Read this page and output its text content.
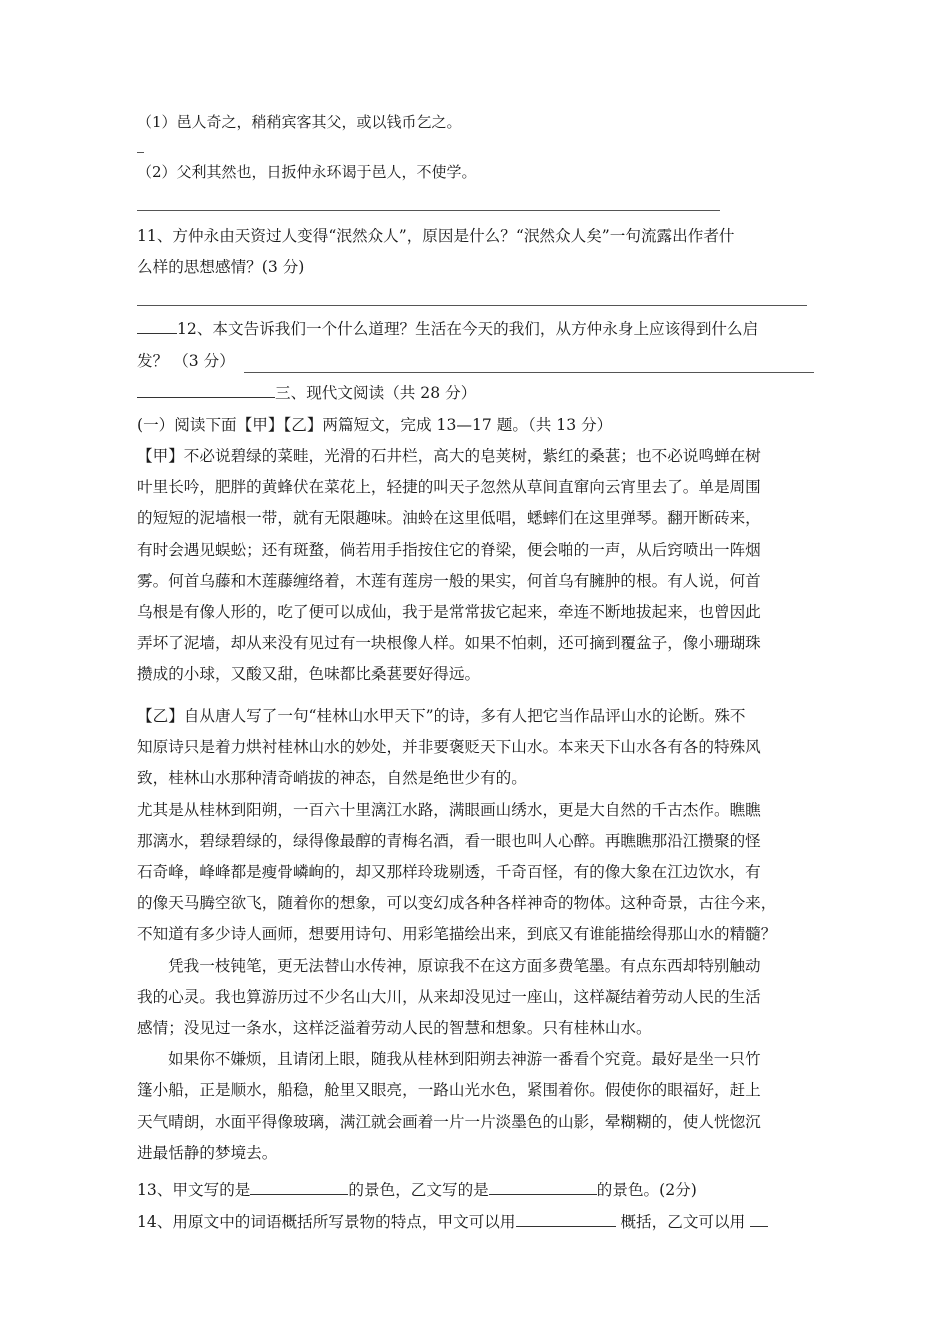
（1）邑人奇之，稍稍宾客其父，或以钱币乞之。
（2）父利其然也，日扳仲永环谒于邑人，不使学。
11、方仲永由天资过人变得“泯然众人”，原因是什么？“泯然众人矣”一句流露出作者什
么样的思想感情？(3 分)
12、本文告诉我们一个什么道理？生活在今天的我们，从方仲永身上应该得到什么启
发？ （3 分）
三、现代文阅读（共 28 分）
(一）阅读下面【甲】【乙】两篇短文，完成 13—17 题。（共 13 分）

【甲】不必说碧绿的菜畦，光滑的石井栏，高大的皂荚树，紫红的桑葚；也不必说鸣蝉在树

叶里长吟，肥胖的黄蜂伏在菜花上，轻捷的叫天子忽然从草间直窜向云宵里去了。单是周围

的短短的泥墙根一带，就有无限趣味。油蛉在这里低唱，蟋蟀们在这里弹琴。翻开断砖来，

有时会遇见蜈蚣；还有斑蝥，倘若用手指按住它的脊梁，便会啪的一声，从后窍喷出一阵烟

雾。何首乌藤和木莲藤缠络着，木莲有莲房一般的果实，何首乌有臃肿的根。有人说，何首

乌根是有像人形的，吃了便可以成仙，我于是常常拔它起来，牵连不断地拔起来，也曾因此

弄坏了泥墙，却从来没有见过有一块根像人样。如果不怕刺，还可摘到覆盆子，像小珊瑚珠

攒成的小球，又酸又甜，色味都比桑葚要好得远。

【乙】自从唐人写了一句“桂林山水甲天下”的诗，多有人把它当作品评山水的论断。殊不

知原诗只是着力烘衬桂林山水的妙处，并非要褒贬天下山水。本来天下山水各有各的特殊风

致，桂林山水那种清奇峭拔的神态，自然是绝世少有的。

尤其是从桂林到阳朔，一百六十里漓江水路，满眼画山绣水，更是大自然的千古杰作。瞧瞧

那漓水，碧绿碧绿的，绿得像最醇的青梅名酒，看一眼也叫人心醉。再瞧瞧那沿江攒聚的怪

石奇峰，峰峰都是瘦骨嶙峋的，却又那样玲珑剔透，千奇百怪，有的像大象在江边饮水，有

的像天马腾空欲飞，随着你的想象，可以变幻成各种各样神奇的物体。这种奇景，古往今来，

不知道有多少诗人画师，想要用诗句、用彩笔描绘出来，到底又有谁能描绘得那山水的精髓？

凭我一枝钝笔，更无法替山水传神，原谅我不在这方面多费笔墨。有点东西却特别触动

我的心灵。我也算游历过不少名山大川，从来却没见过一座山，这样凝结着劳动人民的生活

感情；没见过一条水，这样泛溢着劳动人民的智慧和想象。只有桂林山水。

如果你不嫌烦，且请闭上眼，随我从桂林到阳朔去神游一番看个究竟。最好是坐一只竹

篷小船，正是顺水，船稳，舱里又眼亮，一路山光水色，紧围着你。假使你的眼福好，赶上

天气晴朗，水面平得像玻璃，满江就会画着一片一片淡墨色的山影，晕糊糊的，使人恍惚沉

进最恬静的梦境去。

13、甲文写的是	的景色，乙文写的是	的景色。(2分)
14、用原文中的词语概括所写景物的特点，甲文可以用	概括，乙文可以用
